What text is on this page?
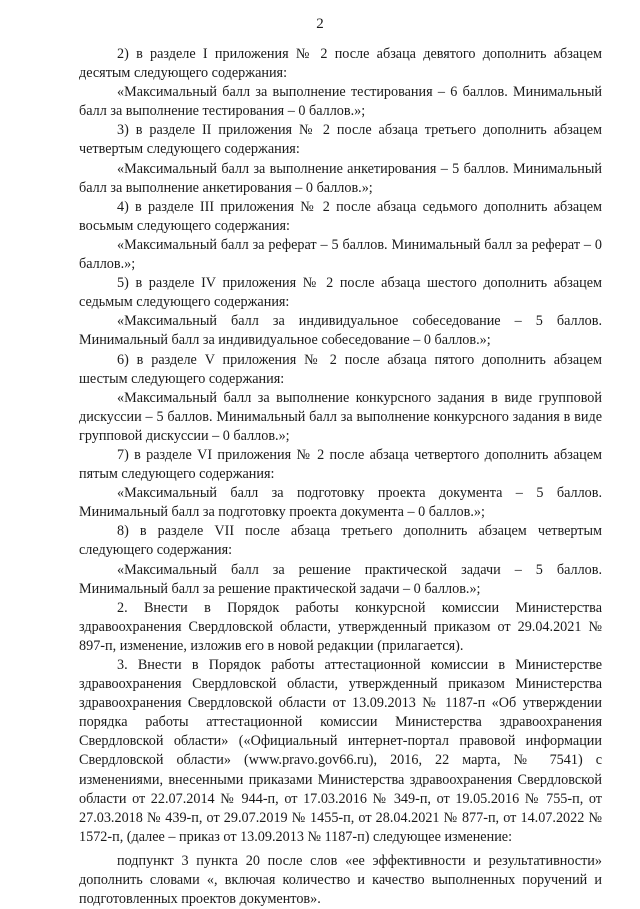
2

2) в разделе I приложения № 2 после абзаца девятого дополнить абзацем десятым следующего содержания:

«Максимальный балл за выполнение тестирования – 6 баллов. Минимальный балл за выполнение тестирования – 0 баллов.»;

3) в разделе II приложения № 2 после абзаца третьего дополнить абзацем четвертым следующего содержания:

«Максимальный балл за выполнение анкетирования – 5 баллов. Минимальный балл за выполнение анкетирования – 0 баллов.»;

4) в разделе III приложения № 2 после абзаца седьмого дополнить абзацем восьмым следующего содержания:

«Максимальный балл за реферат – 5 баллов. Минимальный балл за реферат – 0 баллов.»;

5) в разделе IV приложения № 2 после абзаца шестого дополнить абзацем седьмым следующего содержания:

«Максимальный балл за индивидуальное собеседование – 5 баллов. Минимальный балл за индивидуальное собеседование – 0 баллов.»;

6) в разделе V приложения № 2 после абзаца пятого дополнить абзацем шестым следующего содержания:

«Максимальный балл за выполнение конкурсного задания в виде групповой дискуссии – 5 баллов. Минимальный балл за выполнение конкурсного задания в виде групповой дискуссии – 0 баллов.»;

7) в разделе VI приложения № 2 после абзаца четвертого дополнить абзацем пятым следующего содержания:

«Максимальный балл за подготовку проекта документа – 5 баллов. Минимальный балл за подготовку проекта документа – 0 баллов.»;

8) в разделе VII после абзаца третьего дополнить абзацем четвертым следующего содержания:

«Максимальный балл за решение практической задачи – 5 баллов. Минимальный балл за решение практической задачи – 0 баллов.»;

2. Внести в Порядок работы конкурсной комиссии Министерства здравоохранения Свердловской области, утвержденный приказом от 29.04.2021 № 897-п, изменение, изложив его в новой редакции (прилагается).

3. Внести в Порядок работы аттестационной комиссии в Министерстве здравоохранения Свердловской области, утвержденный приказом Министерства здравоохранения Свердловской области от 13.09.2013 № 1187-п «Об утверждении порядка работы аттестационной комиссии Министерства здравоохранения Свердловской области» («Официальный интернет-портал правовой информации Свердловской области» (www.pravo.gov66.ru), 2016, 22 марта, № 7541) с изменениями, внесенными приказами Министерства здравоохранения Свердловской области от 22.07.2014 № 944-п, от 17.03.2016 № 349-п, от 19.05.2016 № 755-п, от 27.03.2018 № 439-п, от 29.07.2019 № 1455-п, от 28.04.2021 № 877-п, от 14.07.2022 № 1572-п, (далее – приказ от 13.09.2013 № 1187-п) следующее изменение:

подпункт 3 пункта 20 после слов «ее эффективности и результативности» дополнить словами «, включая количество и качество выполненных поручений и подготовленных проектов документов».
